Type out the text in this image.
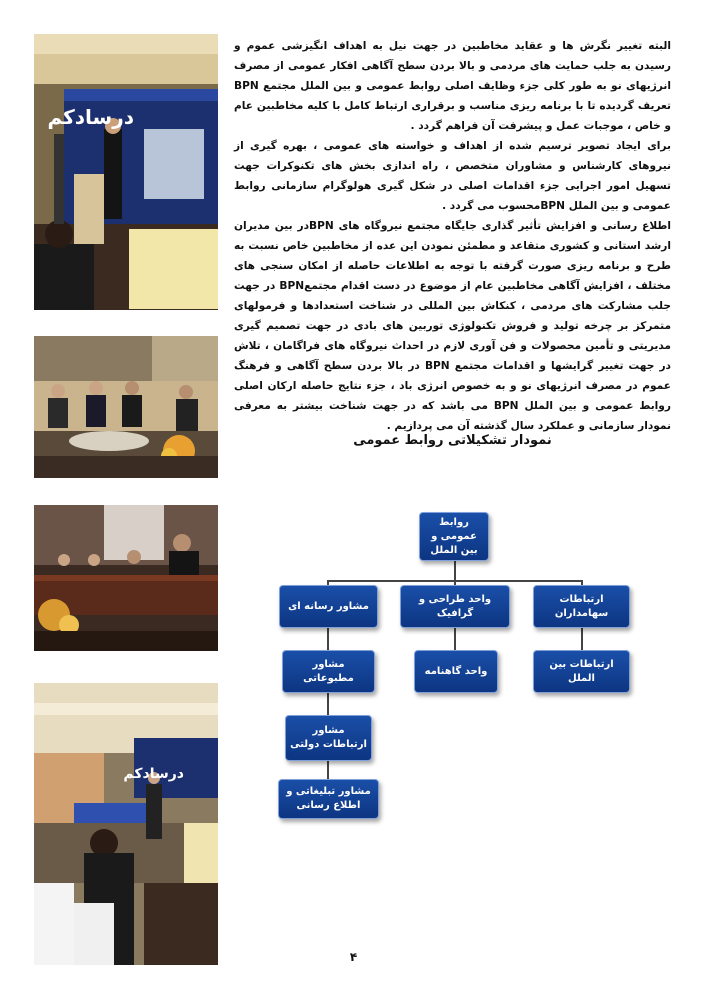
درسادکم
درسادکم

البته تغییر نگرش ها و عقاید مخاطبین در جهت نیل به اهداف انگیزشی عموم و رسیدن به جلب حمایت های مردمی و بالا بردن سطح آگاهی افکار عمومی از مصرف انرژیهای نو به طور کلی جزء وظایف اصلی روابط عمومی و بین الملل مجتمع BPN تعریف گردیده تا با برنامه ریزی مناسب و برقراری ارتباط کامل با کلیه مخاطبین عام و خاص ، موجبات عمل و پیشرفت آن فراهم گردد .

برای ایجاد تصویر ترسیم شده از اهداف و خواسته های عمومی ، بهره گیری از نیروهای کارشناس و مشاوران متخصص ، راه اندازی بخش های تکنوکرات جهت تسهیل امور اجرایی جزء اقدامات اصلی در شکل گیری هولوگرام سازمانی روابط عمومی و بین الملل BPNمحسوب می گردد .

اطلاع رسانی و افزایش تأثیر گذاری جایگاه مجتمع نیروگاه های BPNدر بین مدیران ارشد استانی و کشوری متقاعد و مطمئن نمودن این عده از مخاطبین خاص نسبت به طرح و برنامه ریزی صورت گرفته با توجه به اطلاعات حاصله از امکان سنجی های مختلف ، افزایش آگاهی مخاطبین عام از موضوع در دست اقدام مجتمعBPN در جهت جلب مشارکت های مردمی ، کنکاش بین المللی در شناخت استعدادها و فرمولهای متمرکز بر چرخه تولید و فروش تکنولوژی توربین های بادی در جهت تصمیم گیری مدیریتی و تأمین محصولات و فن آوری لازم در احداث نیروگاه های فراگامان ، تلاش در جهت تغییر گرایشها و اقدامات مجتمع BPN در بالا بردن سطح آگاهی و فرهنگ عموم در مصرف انرژیهای نو و به خصوص انرژی باد ، جزء نتایج حاصله ارکان اصلی روابط عمومی و بین الملل BPN می باشد که در جهت شناخت بیشتر به معرفی نمودار سازمانی و عملکرد سال گذشته آن می پردازیم .

نمودار تشکیلاتی روابط عمومی
روابط عمومی و بین الملل
ارتباطات سهامداران
ارتباطات بین الملل
واحد طراحی و گرافیک
واحد گاهنامه
مشاور رسانه ای
مشاور مطبوعاتی
مشاور ارتباطات دولتی
مشاور تبلیغاتی و اطلاع رسانی
۴
